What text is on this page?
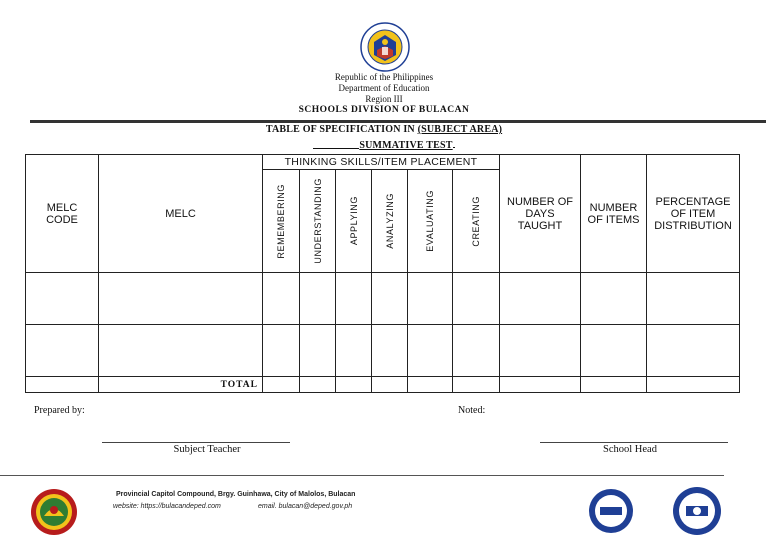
Republic of the Philippines
Department of Education
Region III
SCHOOLS DIVISION OF BULACAN
TABLE OF SPECIFICATION IN (SUBJECT AREA)
SUMMATIVE TEST
MELC CODE	MELC	THINKING SKILLS/ITEM PLACEMENT						NUMBER OF DAYS TAUGHT	NUMBER OF ITEMS	PERCENTAGE OF ITEM DISTRIBUTION

		REMEMBERING	UNDERSTANDING	APPLYING	ANALYZING	EVALUATING	CREATING			

	TOTAL									
Prepared by:	Noted:
Subject Teacher	School Head
Provincial Capitol Compound, Brgy. Guinhawa, City of Malolos, Bulacan
website: https://bulacandeped.com	email. bulacan@deped.gov.ph
